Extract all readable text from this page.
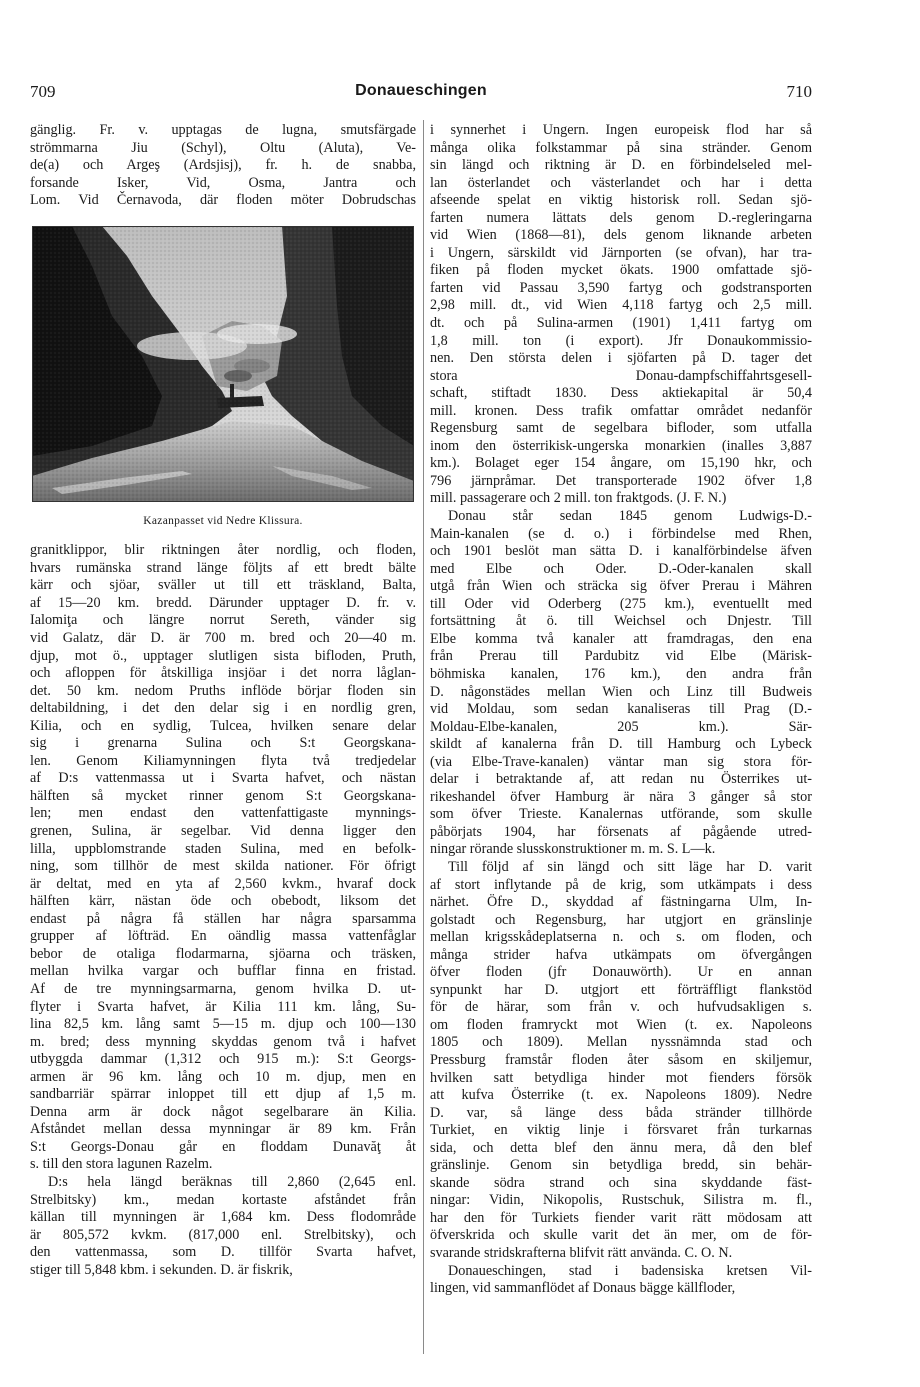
709	Donaueschingen	710

gänglig. Fr. v. upptagas de lugna, smutsfärgade

strömmarna Jiu (Schyl), Oltu (Aluta), Ve-

de(a) och Argeş (Ardsjisj), fr. h. de snabba,

forsande Isker, Vid, Osma, Jantra och

Lom. Vid Černavoda, där floden möter Dobrudschas

Kazanpasset vid Nedre Klissura.

granitklippor, blir riktningen åter nordlig, och floden,

hvars rumänska strand länge följts af ett bredt bälte

kärr och sjöar, sväller ut till ett träskland, Balta,

af 15—20 km. bredd. Därunder upptager D. fr. v.

Ialomiţa och längre norrut Sereth, vänder sig

vid Galatz, där D. är 700 m. bred och 20—40 m.

djup, mot ö., upptager slutligen sista bifloden, Pruth,

och afloppen för åtskilliga insjöar i det norra låglan-

det. 50 km. nedom Pruths inflöde börjar floden sin

deltabildning, i det den delar sig i en nordlig gren,

Kilia, och en sydlig, Tulcea, hvilken senare delar

sig i grenarna Sulina och S:t Georgskana-

len. Genom Kiliamynningen flyta två tredjedelar

af D:s vattenmassa ut i Svarta hafvet, och nästan

hälften så mycket rinner genom S:t Georgskana-

len; men endast den vattenfattigaste mynnings-

grenen, Sulina, är segelbar. Vid denna ligger den

lilla, uppblomstrande staden Sulina, med en befolk-

ning, som tillhör de mest skilda nationer. För öfrigt

är deltat, med en yta af 2,560 kvkm., hvaraf dock

hälften kärr, nästan öde och obebodt, liksom det

endast på några få ställen har några sparsamma

grupper af löfträd. En oändlig massa vattenfåglar

bebor de otaliga flodarmarna, sjöarna och träsken,

mellan hvilka vargar och bufflar finna en fristad.

Af de tre mynningsarmarna, genom hvilka D. ut-

flyter i Svarta hafvet, är Kilia 111 km. lång, Su-

lina 82,5 km. lång samt 5—15 m. djup och 100—130

m. bred; dess mynning skyddas genom två i hafvet

utbyggda dammar (1,312 och 915 m.): S:t Georgs-

armen är 96 km. lång och 10 m. djup, men en

sandbarriär spärrar inloppet till ett djup af 1,5 m.

Denna arm är dock något segelbarare än Kilia.

Afståndet mellan dessa mynningar är 89 km. Från

S:t Georgs-Donau går en floddam Dunavăţ åt

s. till den stora lagunen Razelm.

D:s hela längd beräknas till 2,860 (2,645 enl.

Strelbitsky) km., medan kortaste afståndet från

källan till mynningen är 1,684 km. Dess flodområde

är 805,572 kvkm. (817,000 enl. Strelbitsky), och

den vattenmassa, som D. tillför Svarta hafvet,

stiger till 5,848 kbm. i sekunden. D. är fiskrik,

i synnerhet i Ungern. Ingen europeisk flod har så

många olika folkstammar på sina stränder. Genom

sin längd och riktning är D. en förbindelseled mel-

lan österlandet och västerlandet och har i detta

afseende spelat en viktig historisk roll. Sedan sjö-

farten numera lättats dels genom D.-regleringarna

vid Wien (1868—81), dels genom liknande arbeten

i Ungern, särskildt vid Järnporten (se ofvan), har tra-

fiken på floden mycket ökats. 1900 omfattade sjö-

farten vid Passau 3,590 fartyg och godstransporten

2,98 mill. dt., vid Wien 4,118 fartyg och 2,5 mill.

dt. och på Sulina-armen (1901) 1,411 fartyg om

1,8 mill. ton (i export). Jfr Donaukommissio-

nen. Den största delen i sjöfarten på D. tager det

stora Donau-dampfschiffahrtsgesell-

schaft, stiftadt 1830. Dess aktiekapital är 50,4

mill. kronen. Dess trafik omfattar området nedanför

Regensburg samt de segelbara bifloder, som utfalla

inom den österrikisk-ungerska monarkien (inalles 3,887

km.). Bolaget eger 154 ångare, om 15,190 hkr, och

796 järnpråmar. Det transporterade 1902 öfver 1,8

mill. passagerare och 2 mill. ton fraktgods. (J. F. N.)

Donau står sedan 1845 genom Ludwigs-D.-

Main-kanalen (se d. o.) i förbindelse med Rhen,

och 1901 beslöt man sätta D. i kanalförbindelse äfven

med Elbe och Oder. D.-Oder-kanalen skall

utgå från Wien och sträcka sig öfver Prerau i Mähren

till Oder vid Oderberg (275 km.), eventuellt med

fortsättning åt ö. till Weichsel och Dnjestr. Till

Elbe komma två kanaler att framdragas, den ena

från Prerau till Pardubitz vid Elbe (Märisk-

böhmiska kanalen, 176 km.), den andra från

D. någonstädes mellan Wien och Linz till Budweis

vid Moldau, som sedan kanaliseras till Prag (D.-

Moldau-Elbe-kanalen, 205 km.). Sär-

skildt af kanalerna från D. till Hamburg och Lybeck

(via Elbe-Trave-kanalen) väntar man sig stora för-

delar i betraktande af, att redan nu Österrikes ut-

rikeshandel öfver Hamburg är nära 3 gånger så stor

som öfver Trieste. Kanalernas utförande, som skulle

påbörjats 1904, har försenats af pågående utred-

ningar rörande slusskonstruktioner m. m. S. L—k.

Till följd af sin längd och sitt läge har D. varit

af stort inflytande på de krig, som utkämpats i dess

närhet. Öfre D., skyddad af fästningarna Ulm, In-

golstadt och Regensburg, har utgjort en gränslinje

mellan krigsskådeplatserna n. och s. om floden, och

många strider hafva utkämpats om öfvergången

öfver floden (jfr Donauwörth). Ur en annan

synpunkt har D. utgjort ett förträffligt flankstöd

för de härar, som från v. och hufvudsakligen s.

om floden framryckt mot Wien (t. ex. Napoleons

1805 och 1809). Mellan nyssnämnda stad och

Pressburg framstår floden åter såsom en skiljemur,

hvilken satt betydliga hinder mot fienders försök

att kufva Österrike (t. ex. Napoleons 1809). Nedre

D. var, så länge dess båda stränder tillhörde

Turkiet, en viktig linje i försvaret från turkarnas

sida, och detta blef den ännu mera, då den blef

gränslinje. Genom sin betydliga bredd, sin behär-

skande södra strand och sina skyddande fäst-

ningar: Vidin, Nikopolis, Rustschuk, Silistra m. fl.,

har den för Turkiets fiender varit rätt mödosam att

öfverskrida och skulle varit det än mer, om de för-

svarande stridskrafterna blifvit rätt använda. C. O. N.

Donaueschingen, stad i badensiska kretsen Vil-

lingen, vid sammanflödet af Donaus bägge källfloder,
